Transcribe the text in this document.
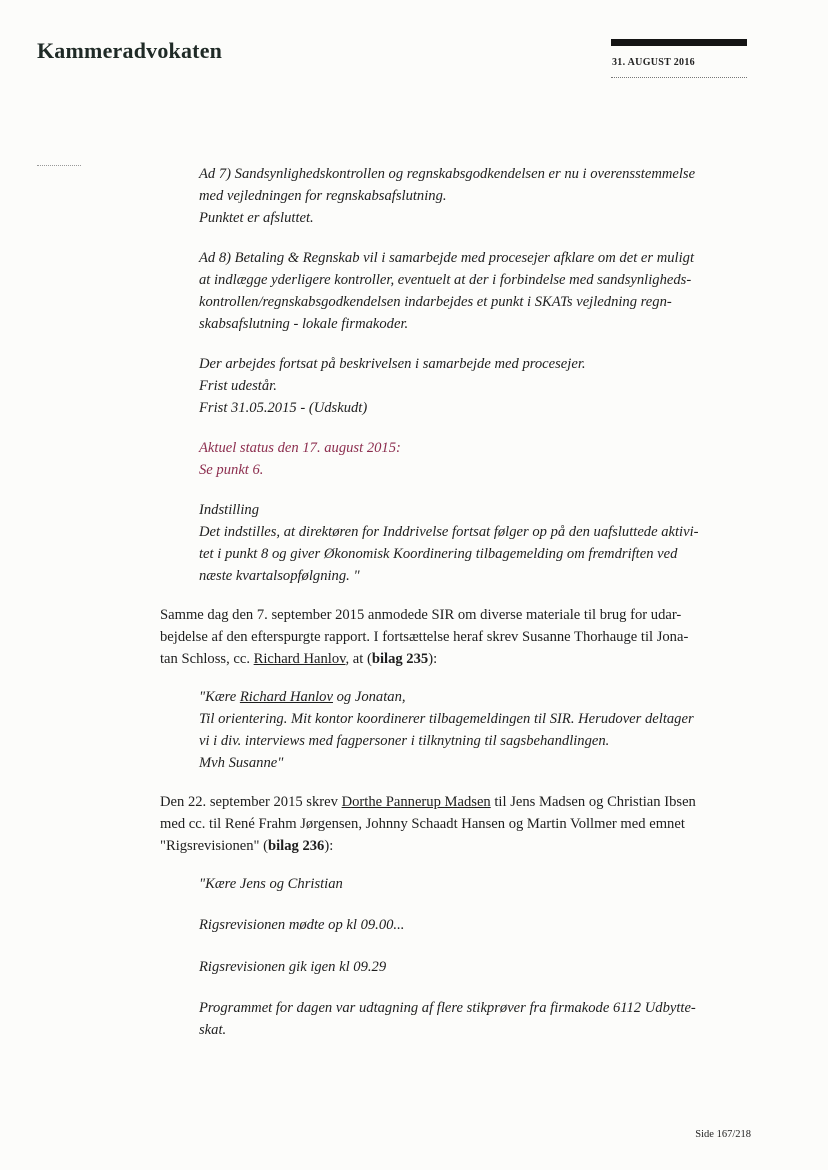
Kammeradvokaten	31. AUGUST 2016

Ad 7) Sandsynlighedskontrollen og regnskabsgodkendelsen er nu i overensstemmelse

med vejledningen for regnskabsafslutning.

Punktet er afsluttet.

Ad 8) Betaling & Regnskab vil i samarbejde med procesejer afklare om det er muligt

at indlægge yderligere kontroller, eventuelt at der i forbindelse med sandsynligheds-

kontrollen/regnskabsgodkendelsen indarbejdes et punkt i SKATs vejledning regn-

skabsafslutning - lokale firmakoder.

Der arbejdes fortsat på beskrivelsen i samarbejde med procesejer.

Frist udestår.

Frist 31.05.2015 - (Udskudt)

Aktuel status den 17. august 2015:

Se punkt 6.

Indstilling

Det indstilles, at direktøren for Inddrivelse fortsat følger op på den uafsluttede aktivi-

tet i punkt 8 og giver Økonomisk Koordinering tilbagemelding om fremdriften ved

næste kvartalsopfølgning. "

Samme dag den 7. september 2015 anmodede SIR om diverse materiale til brug for udar-

bejdelse af den efterspurgte rapport. I fortsættelse heraf skrev Susanne Thorhauge til Jona-

tan Schloss, cc. Richard Hanlov, at (bilag 235):

"Kære Richard Hanlov og Jonatan,

Til orientering. Mit kontor koordinerer tilbagemeldingen til SIR. Herudover deltager

vi i div. interviews med fagpersoner i tilknytning til sagsbehandlingen.

Mvh Susanne"

Den 22. september 2015 skrev Dorthe Pannerup Madsen til Jens Madsen og Christian Ibsen

med cc. til René Frahm Jørgensen, Johnny Schaadt Hansen og Martin Vollmer med emnet

"Rigsrevisionen" (bilag 236):

"Kære Jens og Christian

Rigsrevisionen mødte op kl 09.00...

Rigsrevisionen gik igen kl 09.29

Programmet for dagen var udtagning af flere stikprøver fra firmakode 6112 Udbytte-

skat.

Side 167/218
